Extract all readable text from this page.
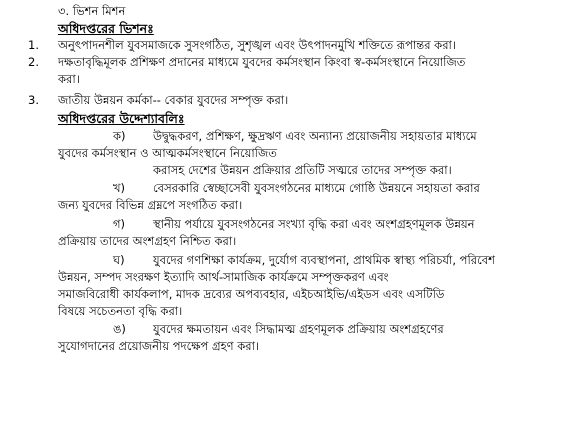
৩. ভিশন মিশন
অধিদপ্তরের ভিশনঃ
1. অনুৎপাদনশীল যুবসমাজকে সুসংগঠিত, সুশৃঙ্খল এবং উৎপাদনমুখি শক্তিতে রূপান্তর করা।
2. দক্ষতাবৃদ্ধিমূলক প্রশিক্ষণ প্রদানের মাধ্যমে যুবদের কর্মসংস্থান কিংবা স্ব-কর্মসংস্থানে নিয়োজিত
করা।
3. জাতীয় উন্নয়ন কর্মকা-- বেকার যুবদের সম্পৃক্ত করা।
অধিদপ্তরের উদ্দেশ্যাবলিঃ
ক) উদ্বুদ্ধকরণ, প্রশিক্ষণ, ক্ষুদ্রঋণ এবং অন্যান্য প্রয়োজনীয় সহায়তার মাধ্যমে
যুবদের কর্মসংস্থান ও আত্মকর্মসংস্থানে নিয়োজিত
করাসহ দেশের উন্নয়ন প্রক্রিয়ার প্রতিটি সত্মরে তাদের সম্পৃক্ত করা।
খ) বেসরকারি স্বেচ্ছাসেবী যুবসংগঠনের মাধ্যমে গোষ্ঠি উন্নয়নে সহায়তা করার
জন্য যুবদের বিভিন্ন গ্রম্নপে সংগঠিত করা।
গ) স্থানীয় পর্যায়ে যুবসংগঠনের সংখ্যা বৃদ্ধি করা এবং অংশগ্রহণমূলক উন্নয়ন
প্রক্রিয়ায় তাদের অংশগ্রহণ নিশ্চিত করা।
ঘ) যুবদের গণশিক্ষা কার্যক্রম, দুর্যোগ ব্যবস্থাপনা, প্রাথমিক স্বাস্থ্য পরিচর্যা, পরিবেশ
উন্নয়ন, সম্পদ সংরক্ষণ ইত্যাদি আর্থ-সামাজিক কার্যক্রমে সম্পৃক্তকরণ এবং
সমাজবিরোধী কার্যকলাপ, মাদক দ্রব্যের অপব্যবহার, এইচআইভি/এইডস এবং এসটিডি
বিষয়ে সচেতনতা বৃদ্ধি করা।
ঙ) যুবদের ক্ষমতায়ন এবং সিদ্ধামত্ম গ্রহণমূলক প্রক্রিয়ায় অংশগ্রহণের
সুযোগদানের প্রয়োজনীয় পদক্ষেপ গ্রহণ করা।
